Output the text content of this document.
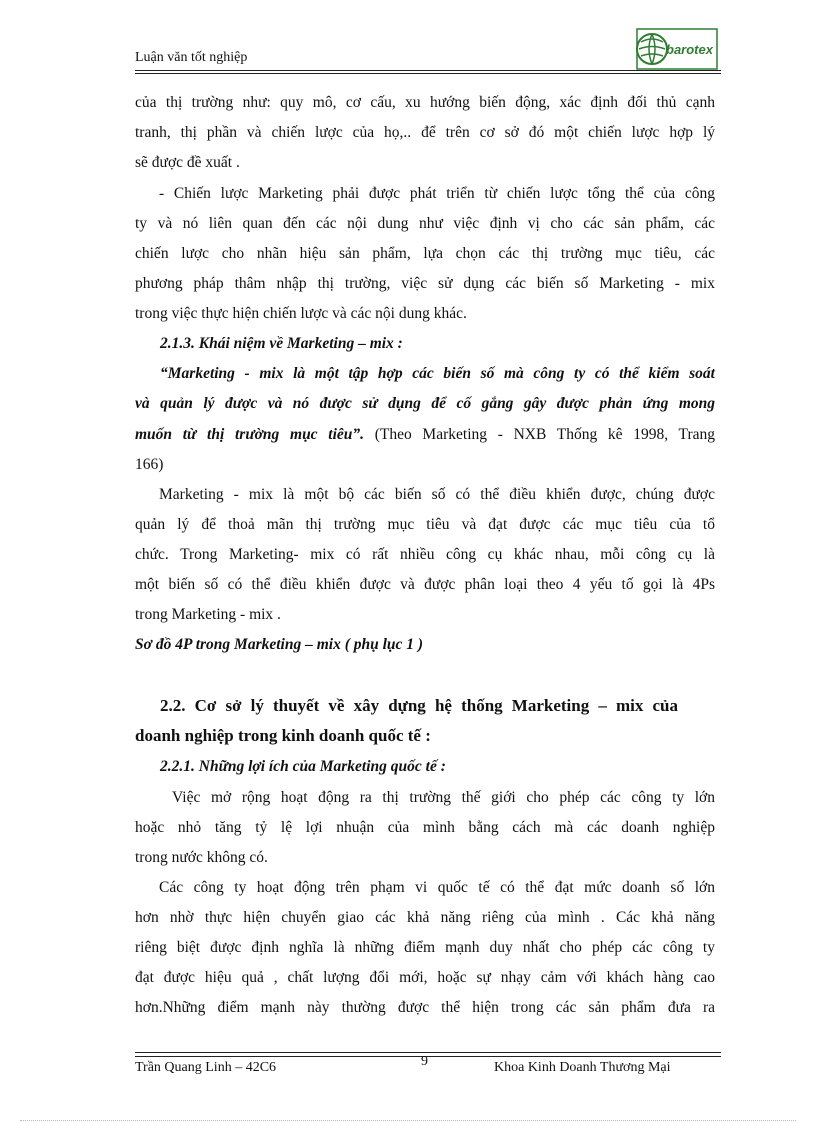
Luận văn tốt nghiệp
barotex
của thị trường như: quy mô, cơ cấu, xu hướng biến động, xác định đối thủ cạnh
tranh, thị phần và chiến lược của họ,.. để trên cơ sở đó một chiến lược hợp lý
sẽ được đề xuất .
- Chiến lược Marketing phải được phát triển từ chiến lược tổng thể của công
ty và nó liên quan đến các nội dung như việc định vị cho các sản phẩm, các
chiến lược cho nhãn hiệu sản phẩm, lựa chọn các thị trường mục tiêu, các
phương pháp thâm nhập thị trường, việc sử dụng các biến số Marketing - mix
trong việc thực hiện chiến lược và các nội dung khác.
2.1.3. Khái niệm về Marketing – mix :
“Marketing - mix là một tập hợp các biến số mà công ty có thể kiểm soát
và quản lý được và nó được sử dụng để cố gắng gây được phản ứng mong
muốn từ thị trường mục tiêu”. (Theo Marketing - NXB Thống kê 1998, Trang
166)
Marketing - mix là một bộ các biến số có thể điều khiển được, chúng được
quản lý để thoả mãn thị trường mục tiêu và đạt được các mục tiêu của tổ
chức. Trong Marketing- mix có rất nhiều công cụ khác nhau, mỗi công cụ là
một biến số có thể điều khiển được và được phân loại theo 4 yếu tố gọi là 4Ps
trong Marketing - mix .
Sơ đồ 4P trong Marketing – mix ( phụ lục 1 )
2.2. Cơ sở lý thuyết về xây dựng hệ thống Marketing – mix của
doanh nghiệp trong kinh doanh quốc tế :
2.2.1. Những lợi ích của Marketing quốc tế :
Việc mở rộng hoạt động ra thị trường thế giới cho phép các công ty lớn
hoặc nhỏ tăng tỷ lệ lợi nhuận của mình bằng cách mà các doanh nghiệp
trong nước không có.
Các công ty hoạt động trên phạm vi quốc tế có thể đạt mức doanh số lớn
hơn nhờ thực hiện chuyển giao các khả năng riêng của mình . Các khả năng
riêng biệt được định nghĩa là những điểm mạnh duy nhất cho phép các công ty
đạt được hiệu quả , chất lượng đổi mới, hoặc sự nhạy cảm với khách hàng cao
hơn.Những điểm mạnh này thường được thể hiện trong các sản phẩm đưa ra
Trần Quang Linh – 42C6	9	Khoa Kinh Doanh Thương Mại
